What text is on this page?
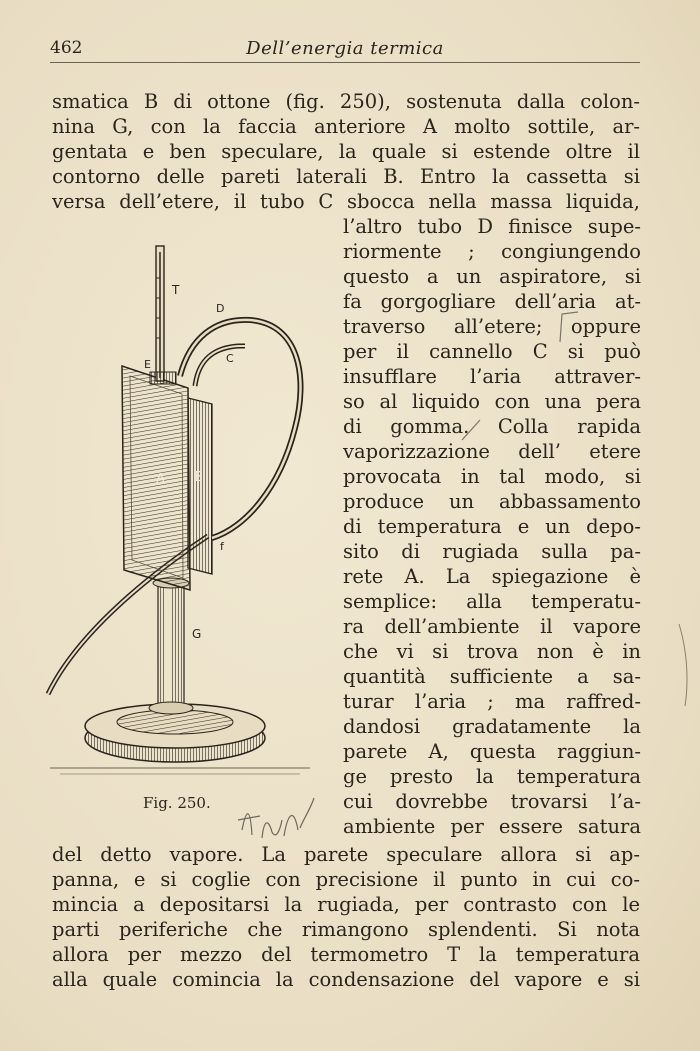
462	Dell’energia termica
smatica B di ottone (fig. 250), sostenuta dalla colon-
nina G, con la faccia anteriore A molto sottile, ar-
gentata e ben speculare, la quale si estende oltre il
contorno delle pareti laterali B. Entro la cassetta si
versa dell’etere, il tubo C sbocca nella massa liquida,
l’altro tubo D finisce supe-
riormente ; congiungendo
questo a un aspiratore, si
fa gorgogliare dell’aria at-
traverso all’etere; oppure
per il cannello C si può
insufflare l’aria attraver-
so al liquido con una pera
di gomma. Colla rapida
vaporizzazione dell’ etere
provocata in tal modo, si
produce un abbassamento
di temperatura e un depo-
sito di rugiada sulla pa-
rete A. La spiegazione è
semplice: alla temperatu-
ra dell’ambiente il vapore
che vi si trova non è in
quantità sufficiente a sa-
turar l’aria ; ma raffred-
dandosi gradatamente la
parete A, questa raggiun-
ge presto la temperatura
cui dovrebbe trovarsi l’a-
ambiente per essere satura
del detto vapore. La parete speculare allora si ap-
panna, e si coglie con precisione il punto in cui co-
mincia a depositarsi la rugiada, per contrasto con le
parti periferiche che rimangono splendenti. Si nota
allora per mezzo del termometro T la temperatura
alla quale comincia la condensazione del vapore e si
T
D
E	C
A B
f
G
Fig. 250.
